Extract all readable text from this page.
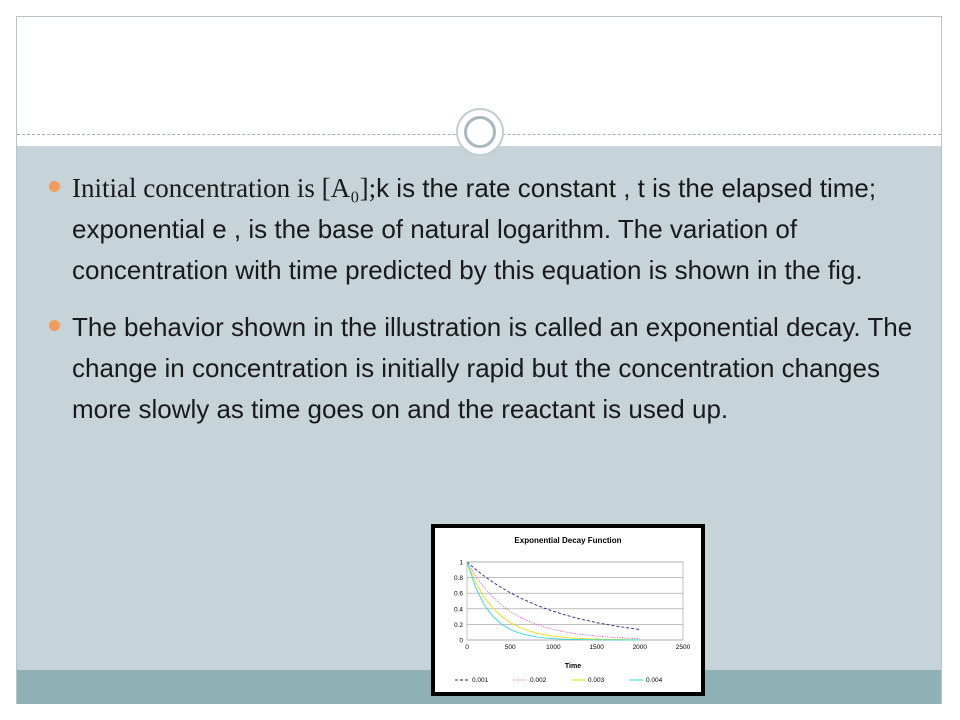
Initial concentration is [A₀];k is the rate constant , t is the elapsed time; exponential e , is the base of natural logarithm. The variation of concentration with time predicted by this equation is shown in the fig.
The behavior shown in the illustration is called an exponential decay. The change in concentration is initially rapid but the concentration changes more slowly as time goes on and the reactant is used up.
Exponential Decay Function
0
0.2
0.4
0.6
0.8
1
0	500	1000	1500	2000	2500
0.001	0.002	0.003	0.004
Time
